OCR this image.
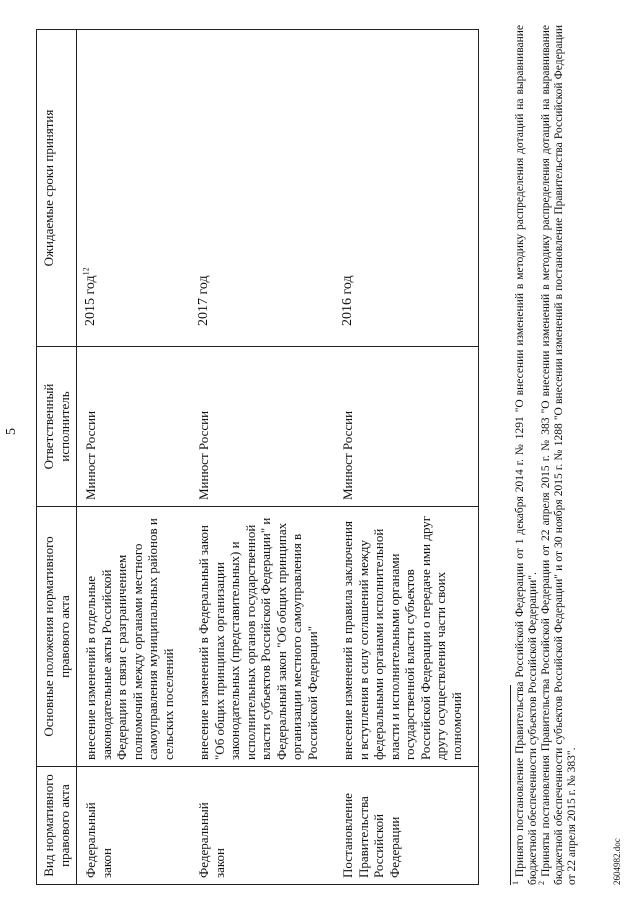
5
Вид нормативного правового акта	Основные положения нормативного правового акта	Ответственный исполнитель	Ожидаемые сроки принятия
Федеральный закон	внесение изменений в отдельные законодательные акты Российской Федерации в связи с разграничением полномочий между органами местного самоуправления муниципальных районов и сельских поселений	Минюст России	2015 год$^{12}$
Федеральный закон	внесение изменений в Федеральный закон "Об общих принципах организации законодательных (представительных) и исполнительных органов государственной власти субъектов Российской Федерации" и Федеральный закон "Об общих принципах организации местного самоуправления в Российской Федерации"	Минюст России	2017 год
Постановление Правительства Российской Федерации	внесение изменений в правила заключения и вступления в силу соглашений между федеральными органами исполнительной власти и исполнительными органами государственной власти субъектов Российской Федерации о передаче ими друг другу осуществления части своих полномочий	Минюст России	2016 год

$^1$ Принято постановление Правительства Российской Федерации от 1 декабря 2014 г. № 1291 "О внесении изменений в методику распределения дотаций на выравнивание бюджетной обеспеченности субъектов Российской Федерации".

$^2$ Приняты постановления Правительства Российской Федерации от 22 апреля 2015 г. № 383 "О внесении изменений в методику распределения дотаций на выравнивание бюджетной обеспеченности субъектов Российской Федерации" и от 30 ноября 2015 г. № 1288 "О внесении изменений в постановление Правительства Российской Федерации от 22 апреля 2015 г. № 383".	2604982.doc
